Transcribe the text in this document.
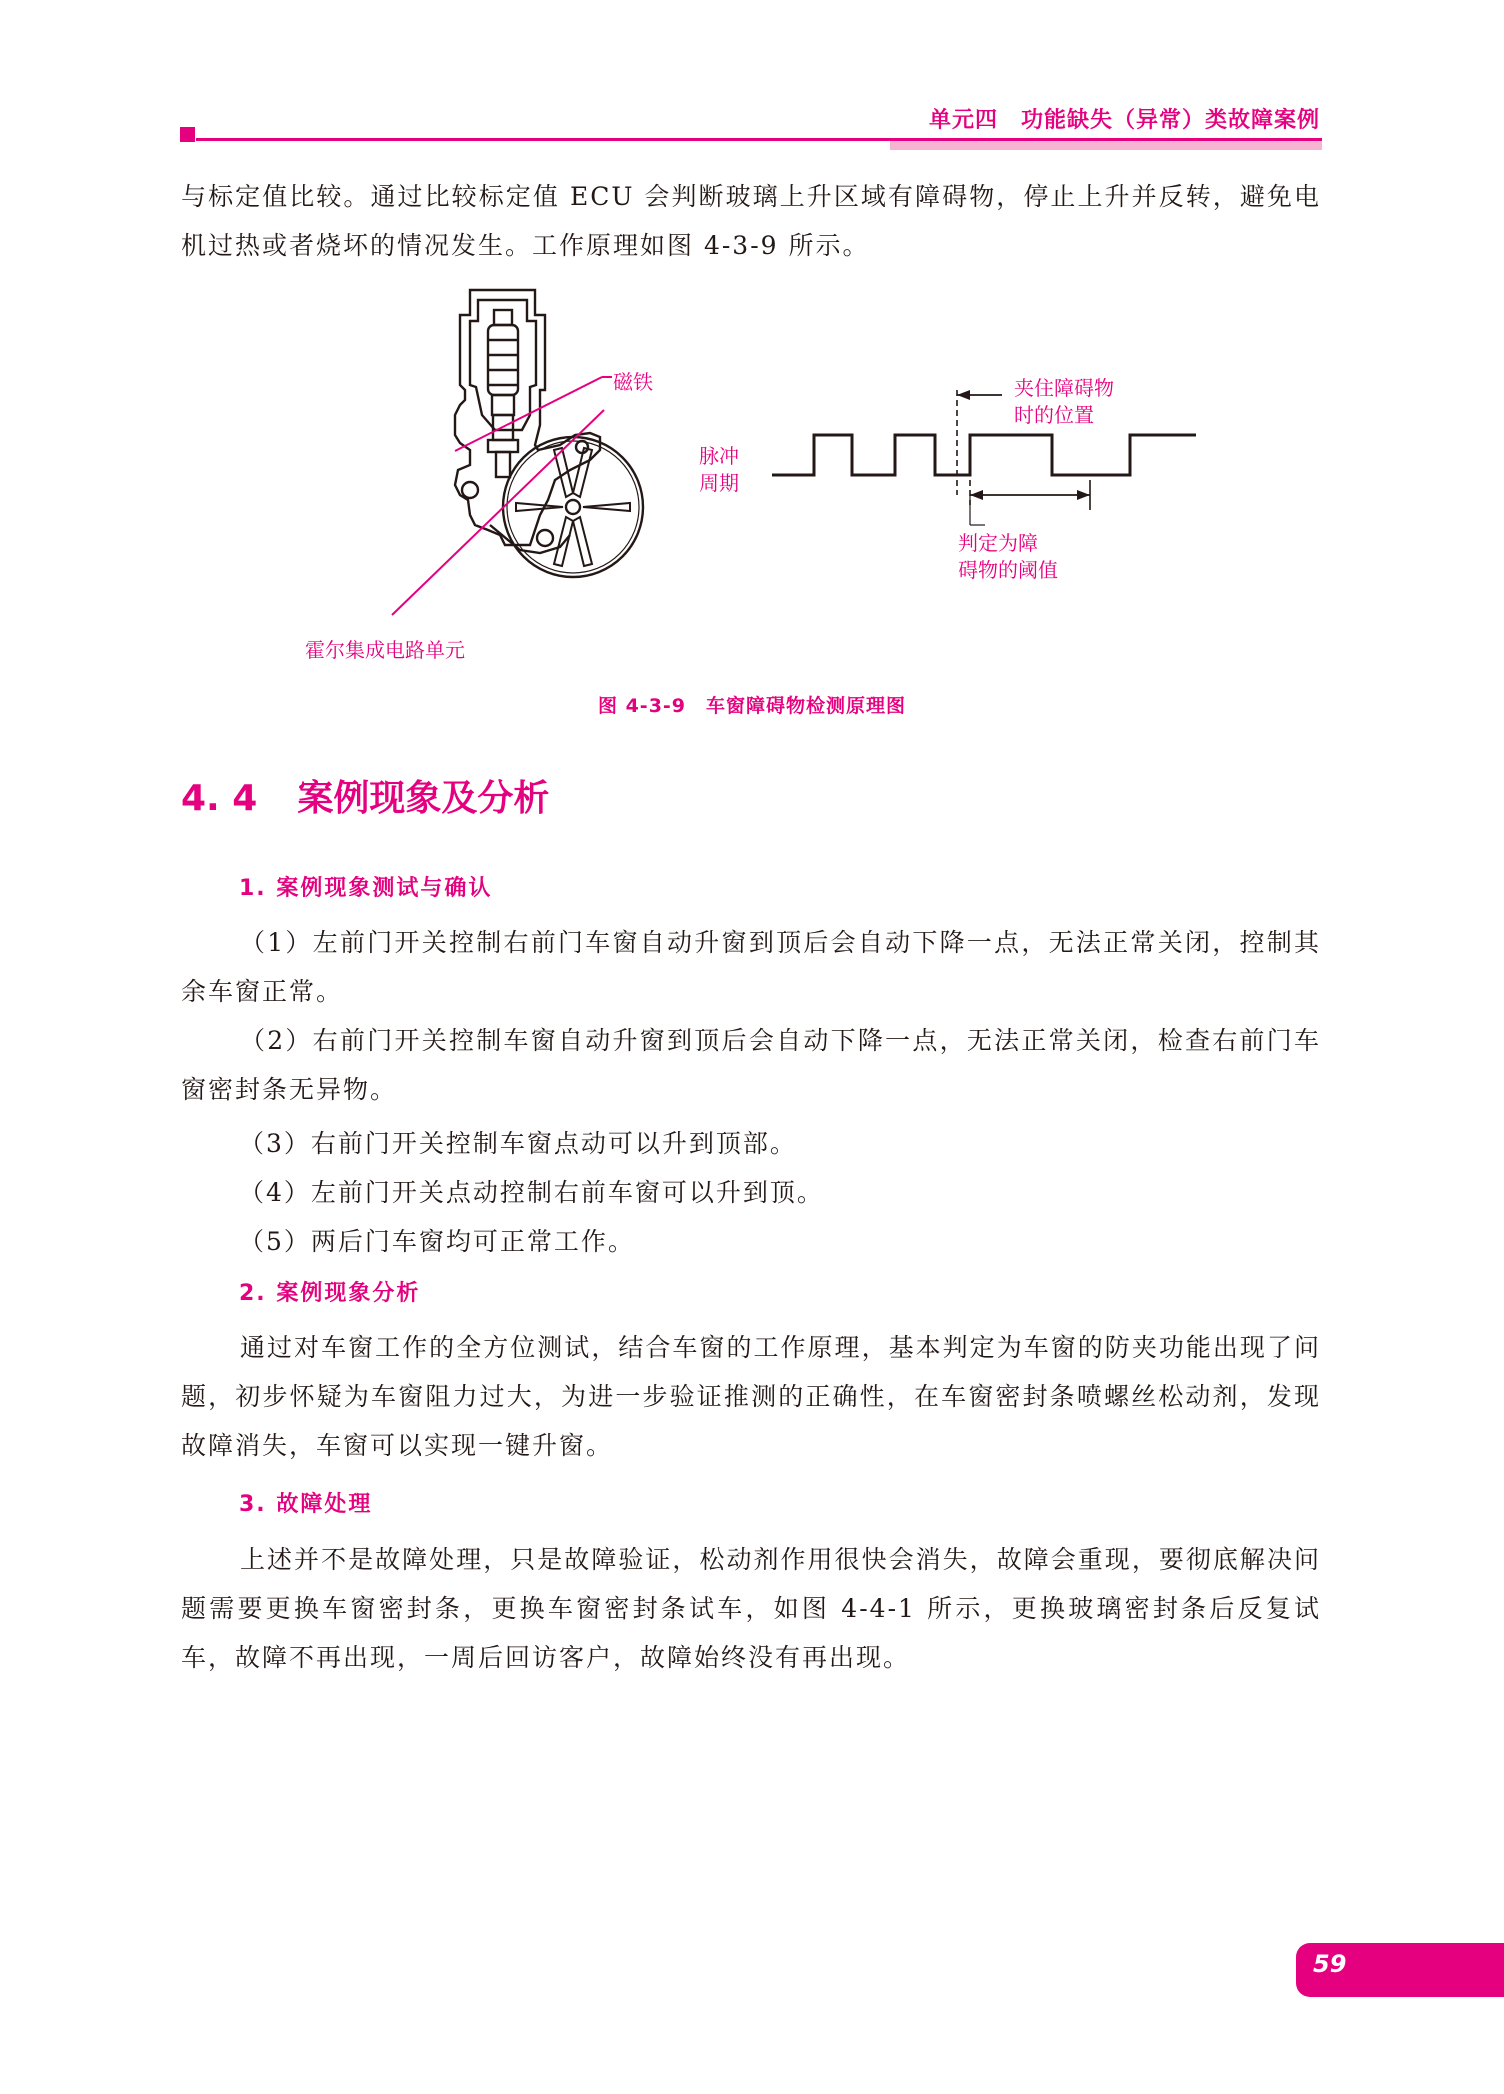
单元四　功能缺失（异常）类故障案例

与标定值比较。通过比较标定值 ECU 会判断玻璃上升区域有障碍物，停止上升并反转，避免电机过热或者烧坏的情况发生。工作原理如图 4-3-9 所示。

磁铁
霍尔集成电路单元
脉冲
周期
夹住障碍物
时的位置
判定为障
碍物的阈值
图 4-3-9　车窗障碍物检测原理图
4. 4 案例现象及分析
1. 案例现象测试与确认

（1）左前门开关控制右前门车窗自动升窗到顶后会自动下降一点，无法正常关闭，控制其余车窗正常。

（2）右前门开关控制车窗自动升窗到顶后会自动下降一点，无法正常关闭，检查右前门车窗密封条无异物。

（3）右前门开关控制车窗点动可以升到顶部。
（4）左前门开关点动控制右前车窗可以升到顶。
（5）两后门车窗均可正常工作。
2. 案例现象分析

通过对车窗工作的全方位测试，结合车窗的工作原理，基本判定为车窗的防夹功能出现了问题，初步怀疑为车窗阻力过大，为进一步验证推测的正确性，在车窗密封条喷螺丝松动剂，发现故障消失，车窗可以实现一键升窗。

3. 故障处理

上述并不是故障处理，只是故障验证，松动剂作用很快会消失，故障会重现，要彻底解决问题需要更换车窗密封条，更换车窗密封条试车，如图 4-4-1 所示，更换玻璃密封条后反复试车，故障不再出现，一周后回访客户，故障始终没有再出现。

59
